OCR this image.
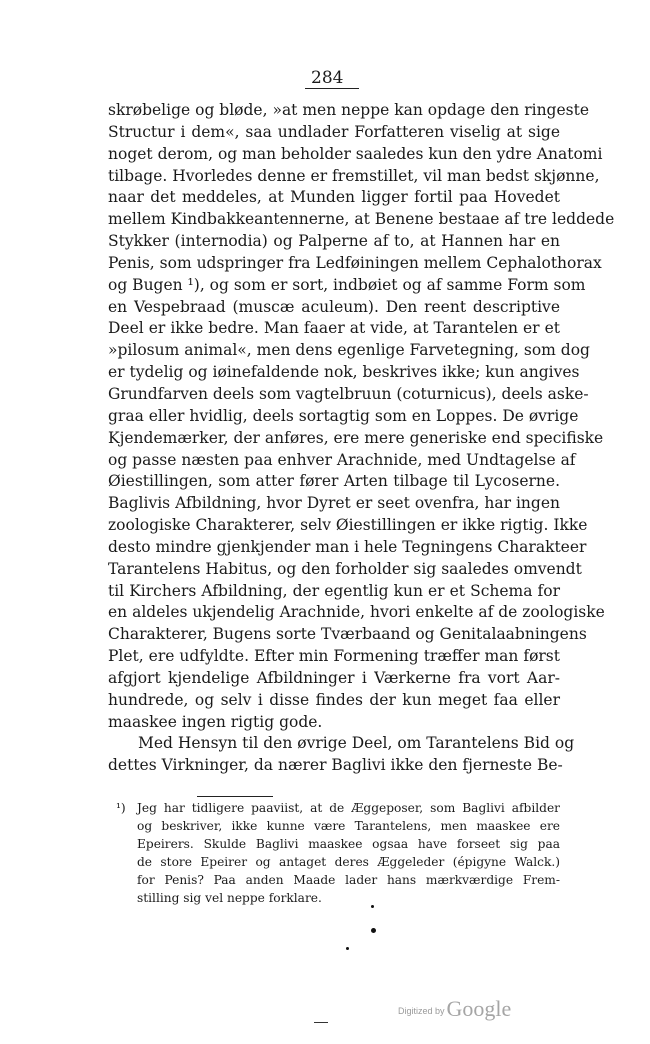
284
skrøbelige og bløde, »at men neppe kan opdage den ringeste
Structur i dem«, saa undlader Forfatteren viselig at sige
noget derom, og man beholder saaledes kun den ydre Anatomi
tilbage. Hvorledes denne er fremstillet, vil man bedst skjønne,
naar det meddeles, at Munden ligger fortil paa Hovedet
mellem Kindbakkeantennerne, at Benene bestaae af tre leddede
Stykker (internodia) og Palperne af to, at Hannen har en
Penis, som udspringer fra Ledføiningen mellem Cephalothorax
og Bugen ¹), og som er sort, indbøiet og af samme Form som
en Vespebraad (muscæ aculeum). Den reent descriptive
Deel er ikke bedre. Man faaer at vide, at Tarantelen er et
»pilosum animal«, men dens egenlige Farvetegning, som dog
er tydelig og iøinefaldende nok, beskrives ikke; kun angives
Grundfarven deels som vagtelbruun (coturnicus), deels aske-
graa eller hvidlig, deels sortagtig som en Loppes. De øvrige
Kjendemærker, der anføres, ere mere generiske end specifiske
og passe næsten paa enhver Arachnide, med Undtagelse af
Øiestillingen, som atter fører Arten tilbage til Lycoserne.
Baglivis Afbildning, hvor Dyret er seet ovenfra, har ingen
zoologiske Charakterer, selv Øiestillingen er ikke rigtig. Ikke
desto mindre gjenkjender man i hele Tegningens Charakteer
Tarantelens Habitus, og den forholder sig saaledes omvendt
til Kirchers Afbildning, der egentlig kun er et Schema for
en aldeles ukjendelig Arachnide, hvori enkelte af de zoologiske
Charakterer, Bugens sorte Tværbaand og Genitalaabningens
Plet, ere udfyldte. Efter min Formening træffer man først
afgjort kjendelige Afbildninger i Værkerne fra vort Aar-
hundrede, og selv i disse findes der kun meget faa eller
maaskee ingen rigtig gode.
Med Hensyn til den øvrige Deel, om Tarantelens Bid og
dettes Virkninger, da nærer Baglivi ikke den fjerneste Be-
¹) Jeg har tidligere paaviist, at de Æggeposer, som Baglivi afbilder
og beskriver, ikke kunne være Tarantelens, men maaskee ere
Epeirers. Skulde Baglivi maaskee ogsaa have forseet sig paa
de store Epeirer og antaget deres Æggeleder (épigyne Walck.)
for Penis? Paa anden Maade lader hans mærkværdige Frem-
stilling sig vel neppe forklare.
Digitized byGoogle
